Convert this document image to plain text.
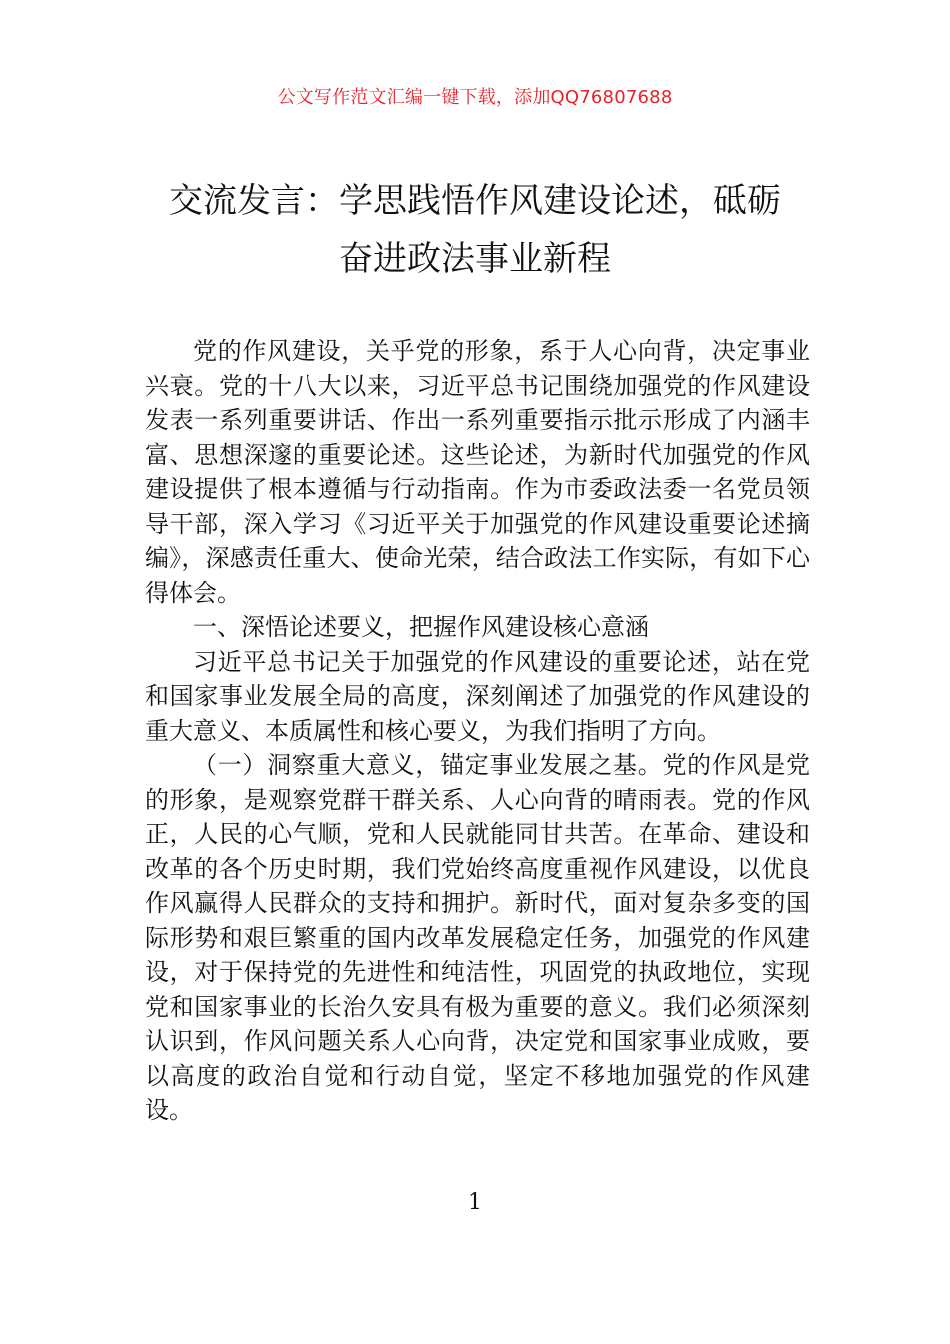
公文写作范文汇编一键下载，添加QQ76807688
交流发言：学思践悟作风建设论述，砥砺
奋进政法事业新程

党的作风建设，关乎党的形象，系于人心向背，决定事业兴衰。党的十八大以来，习近平总书记围绕加强党的作风建设发表一系列重要讲话、作出一系列重要指示批示形成了内涵丰富、思想深邃的重要论述。这些论述，为新时代加强党的作风建设提供了根本遵循与行动指南。作为市委政法委一名党员领导干部，深入学习《习近平关于加强党的作风建设重要论述摘编》，深感责任重大、使命光荣，结合政法工作实际，有如下心得体会。

一、深悟论述要义，把握作风建设核心意涵

习近平总书记关于加强党的作风建设的重要论述，站在党和国家事业发展全局的高度，深刻阐述了加强党的作风建设的重大意义、本质属性和核心要义，为我们指明了方向。

（一）洞察重大意义，锚定事业发展之基。党的作风是党的形象，是观察党群干群关系、人心向背的晴雨表。党的作风正，人民的心气顺，党和人民就能同甘共苦。在革命、建设和改革的各个历史时期，我们党始终高度重视作风建设，以优良作风赢得人民群众的支持和拥护。新时代，面对复杂多变的国际形势和艰巨繁重的国内改革发展稳定任务，加强党的作风建设，对于保持党的先进性和纯洁性，巩固党的执政地位，实现党和国家事业的长治久安具有极为重要的意义。我们必须深刻认识到，作风问题关系人心向背，决定党和国家事业成败，要以高度的政治自觉和行动自觉，坚定不移地加强党的作风建设。

1
